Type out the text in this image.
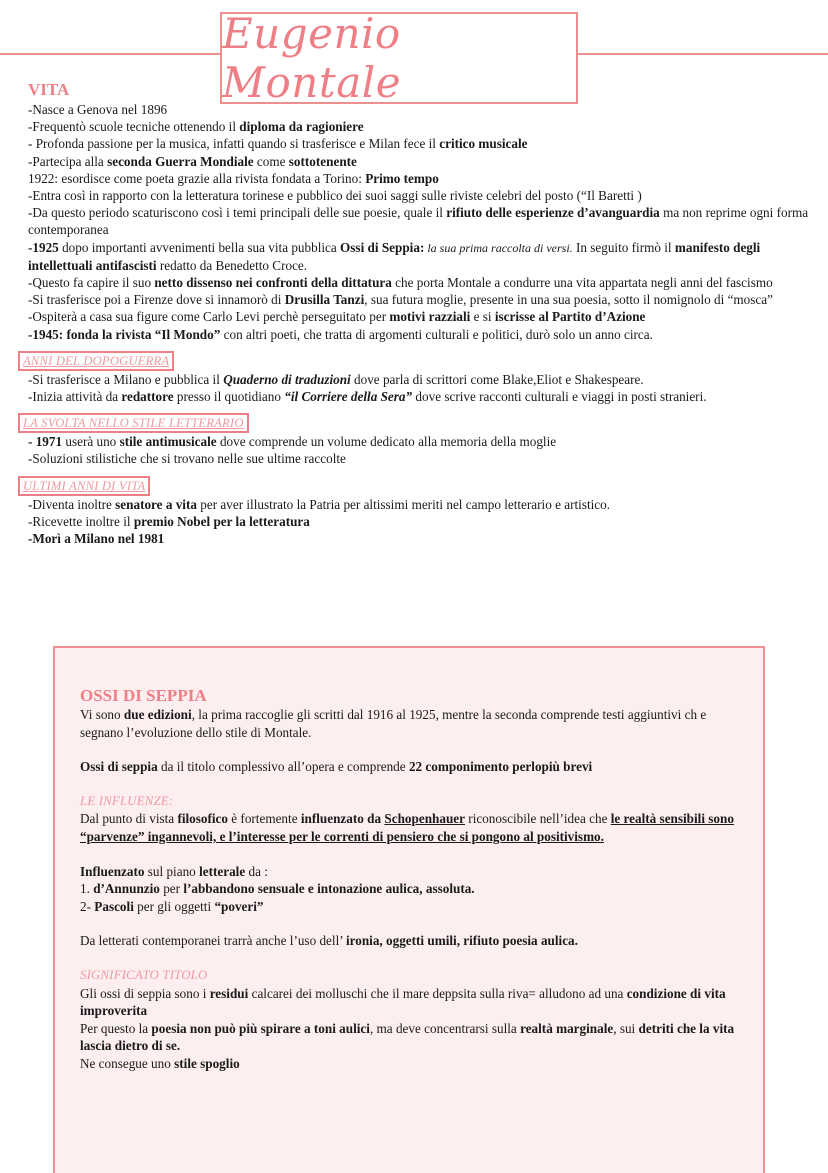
Eugenio Montale
VITA

-Nasce a Genova nel 1896

-Frequentò scuole tecniche ottenendo il diploma da ragioniere

- Profonda passione per la musica, infatti quando si trasferisce e Milan fece il critico musicale

-Partecipa alla seconda Guerra Mondiale come sottotenente

1922: esordisce come poeta grazie alla rivista fondata a Torino: Primo tempo

-Entra così in rapporto con la letteratura torinese e pubblico dei suoi saggi sulle riviste celebri del posto (“Il Baretti )

-Da questo periodo scaturiscono così i temi principali delle sue poesie, quale il rifiuto delle esperienze d’avanguardia ma non reprime ogni forma contemporanea

-1925 dopo importanti avvenimenti bella sua vita pubblica Ossi di Seppia: la sua prima raccolta di versi. In seguito firmò il manifesto degli intellettuali antifascisti redatto da Benedetto Croce.

-Questo fa capire il suo netto dissenso nei confronti della dittatura che porta Montale a condurre una vita appartata negli anni del fascismo

-Si trasferisce poi a Firenze dove si innamorò di Drusilla Tanzi, sua futura moglie, presente in una sua poesia, sotto il nomignolo di “mosca”

-Ospiterà a casa sua figure come Carlo Levi perchè perseguitato per motivi razziali e si iscrisse al Partito d’Azione

-1945: fonda la rivista “Il Mondo” con altri poeti, che tratta di argomenti culturali e politici, durò solo un anno circa.

ANNI DEL DOPOGUERRA

-Si trasferisce a Milano e pubblica il Quaderno di traduzioni dove parla di scrittori come Blake,Eliot e Shakespeare.

-Inizia attività da redattore presso il quotidiano “il Corriere della Sera” dove scrive racconti culturali e viaggi in posti stranieri.

LA SVOLTA NELLO STILE LETTERARIO

- 1971 userà uno stile antimusicale dove comprende un volume dedicato alla memoria della moglie

-Soluzioni stilistiche che si trovano nelle sue ultime raccolte

ULTIMI ANNI DI VITA

-Diventa inoltre senatore a vita per aver illustrato la Patria per altissimi meriti nel campo letterario e artistico.

-Ricevette inoltre il premio Nobel per la letteratura

-Morì a Milano nel 1981

OSSI DI SEPPIA

Vi sono due edizioni, la prima raccoglie gli scritti dal 1916 al 1925, mentre la seconda comprende testi aggiuntivi ch e segnano l’evoluzione dello stile di Montale.

Ossi di seppia da il titolo complessivo all’opera e comprende 22 componimento perlopiù brevi

LE INFLUENZE:

Dal punto di vista filosofico è fortemente influenzato da Schopenhauer riconoscibile nell’idea che le realtà sensibili sono “parvenze” ingannevoli, e l’interesse per le correnti di pensiero che si pongono al positivismo.

Influenzato sul piano letterale da :

1. d’Annunzio per l’abbandono sensuale e intonazione aulica, assoluta.

2- Pascoli per gli oggetti “poveri”

Da letterati contemporanei trarrà anche l’uso dell’ ironia, oggetti umili, rifiuto poesia aulica.

SIGNIFICATO TITOLO

Gli ossi di seppia sono i residui calcarei dei molluschi che il mare deppsita sulla riva= alludono ad una condizione di vita improverita

Per questo la poesia non può più spirare a toni aulici, ma deve concentrarsi sulla realtà marginale, sui detriti che la vita lascia dietro di se.

Ne consegue uno stile spoglio
